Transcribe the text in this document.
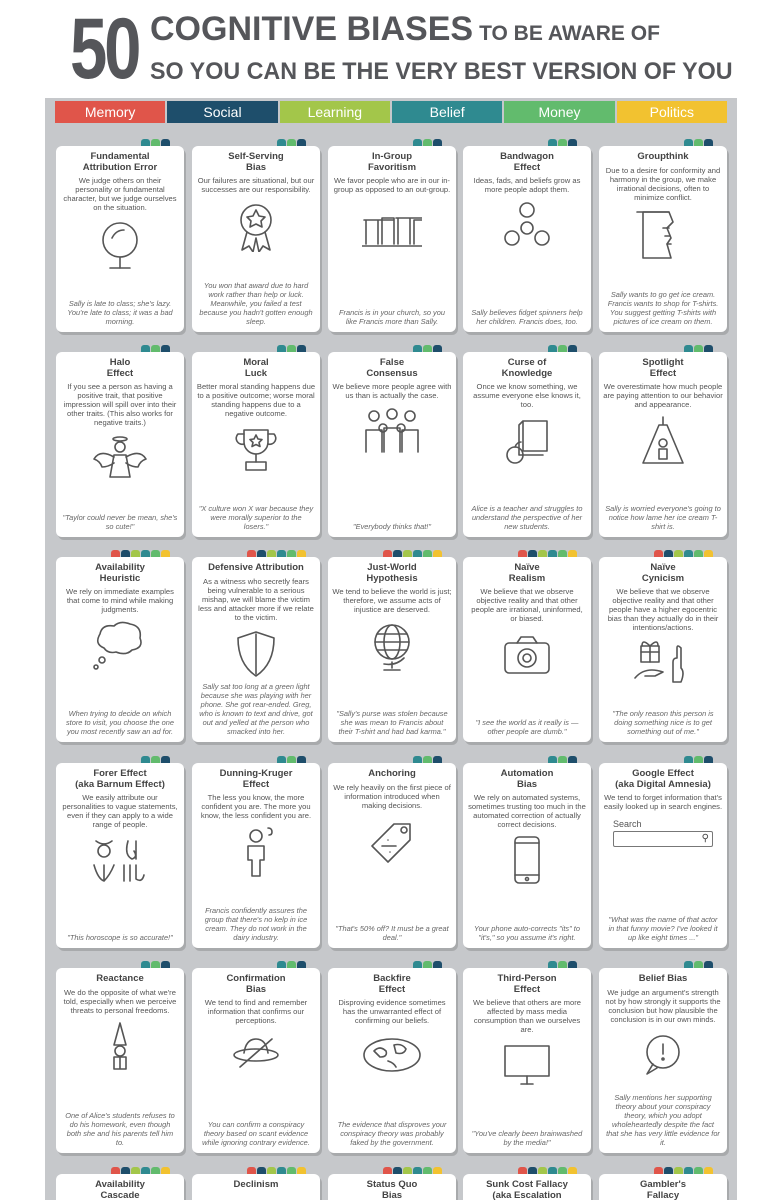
50 COGNITIVE BIASES TO BE AWARE OF
SO YOU CAN BE THE VERY BEST VERSION OF YOU
Memory	Social	Learning	Belief	Money	Politics
Fundamental
Attribution Error
We judge others on their personality or fundamental character, but we judge ourselves on the situation.
Sally is late to class; she's lazy. You're late to class; it was a bad morning.
Self-Serving
Bias
Our failures are situational, but our successes are our responsibility.
You won that award due to hard work rather than help or luck. Meanwhile, you failed a test because you hadn't gotten enough sleep.
In-Group
Favoritism
We favor people who are in our in-group as opposed to an out-group.
Francis is in your church, so you like Francis more than Sally.
Bandwagon
Effect
Ideas, fads, and beliefs grow as more people adopt them.
Sally believes fidget spinners help her children. Francis does, too.
Groupthink
Due to a desire for conformity and harmony in the group, we make irrational decisions, often to minimize conflict.
Sally wants to go get ice cream. Francis wants to shop for T-shirts. You suggest getting T-shirts with pictures of ice cream on them.
Halo
Effect
If you see a person as having a positive trait, that positive impression will spill over into their other traits. (This also works for negative traits.)
"Taylor could never be mean, she's so cute!"
Moral
Luck
Better moral standing happens due to a positive outcome; worse moral standing happens due to a negative outcome.
"X culture won X war because they were morally superior to the losers."
False
Consensus
We believe more people agree with us than is actually the case.
"Everybody thinks that!"
Curse of
Knowledge
Once we know something, we assume everyone else knows it, too.
Alice is a teacher and struggles to understand the perspective of her new students.
Spotlight
Effect
We overestimate how much people are paying attention to our behavior and appearance.
Sally is worried everyone's going to notice how lame her ice cream T-shirt is.
Availability
Heuristic
We rely on immediate examples that come to mind while making judgments.
When trying to decide on which store to visit, you choose the one you most recently saw an ad for.
Defensive Attribution
As a witness who secretly fears being vulnerable to a serious mishap, we will blame the victim less and attacker more if we relate to the victim.
Sally sat too long at a green light because she was playing with her phone. She got rear-ended. Greg, who is known to text and drive, got out and yelled at the person who smacked into her.
Just-World
Hypothesis
We tend to believe the world is just; therefore, we assume acts of injustice are deserved.
"Sally's purse was stolen because she was mean to Francis about their T-shirt and had bad karma."
Naïve
Realism
We believe that we observe objective reality and that other people are irrational, uninformed, or biased.
"I see the world as it really is — other people are dumb."
Naïve
Cynicism
We believe that we observe objective reality and that other people have a higher egocentric bias than they actually do in their intentions/actions.
"The only reason this person is doing something nice is to get something out of me."
Forer Effect
(aka Barnum Effect)
We easily attribute our personalities to vague statements, even if they can apply to a wide range of people.
"This horoscope is so accurate!"
Dunning-Kruger
Effect
The less you know, the more confident you are. The more you know, the less confident you are.
Francis confidently assures the group that there's no kelp in ice cream. They do not work in the dairy industry.
Anchoring
We rely heavily on the first piece of information introduced when making decisions.
"That's 50% off? It must be a great deal."
Automation
Bias
We rely on automated systems, sometimes trusting too much in the automated correction of actually correct decisions.
Your phone auto-corrects "its" to "it's," so you assume it's right.
Google Effect
(aka Digital Amnesia)
We tend to forget information that's easily looked up in search engines.
Search
⚲
"What was the name of that actor in that funny movie? I've looked it up like eight times ..."
Reactance
We do the opposite of what we're told, especially when we perceive threats to personal freedoms.
One of Alice's students refuses to do his homework, even though both she and his parents tell him to.
Confirmation
Bias
We tend to find and remember information that confirms our perceptions.
You can confirm a conspiracy theory based on scant evidence while ignoring contrary evidence.
Backfire
Effect
Disproving evidence sometimes has the unwarranted effect of confirming our beliefs.
The evidence that disproves your conspiracy theory was probably faked by the government.
Third-Person
Effect
We believe that others are more affected by mass media consumption than we ourselves are.
"You've clearly been brainwashed by the media!"
Belief Bias
We judge an argument's strength not by how strongly it supports the conclusion but how plausible the conclusion is in our own minds.
Sally mentions her supporting theory about your conspiracy theory, which you adopt wholeheartedly despite the fact that she has very little evidence for it.
Availability
Cascade
Declinism	Status Quo
Bias
Sunk Cost Fallacy
(aka Escalation
Gambler's
Fallacy
